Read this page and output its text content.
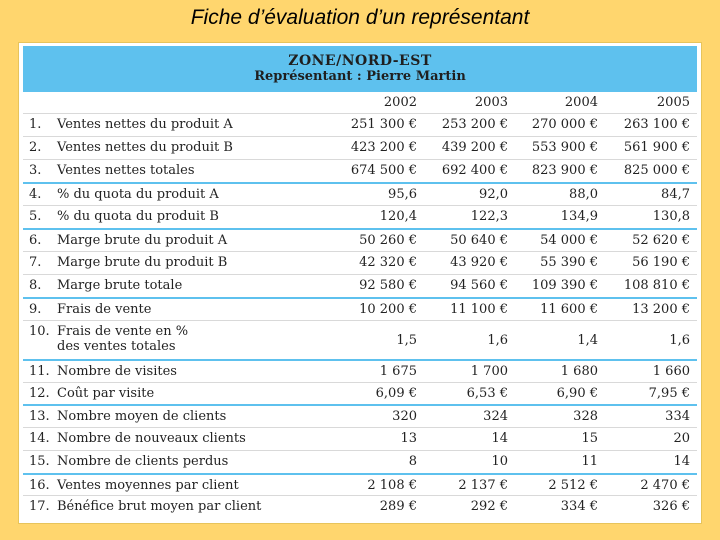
Fiche d’évaluation d’un représentant
ZONE/NORD-EST
Représentant : Pierre Martin
2002	2003	2004	2005
1. Ventes nettes du produit A	251 300 €	253 200 €	270 000 €	263 100 €
2. Ventes nettes du produit B	423 200 €	439 200 €	553 900 €	561 900 €
3. Ventes nettes totales	674 500 €	692 400 €	823 900 €	825 000 €
4. % du quota du produit A	95,6	92,0	88,0	84,7
5. % du quota du produit B	120,4	122,3	134,9	130,8
6. Marge brute du produit A	50 260 €	50 640 €	54 000 €	52 620 €
7. Marge brute du produit B	42 320 €	43 920 €	55 390 €	56 190 €
8. Marge brute totale	92 580 €	94 560 €	109 390 €	108 810 €
9. Frais de vente	10 200 €	11 100 €	11 600 €	13 200 €
10. Frais de vente en %
des ventes totales	1,5	1,6	1,4	1,6
11. Nombre de visites	1 675	1 700	1 680	1 660
12. Coût par visite	6,09 €	6,53 €	6,90 €	7,95 €
13. Nombre moyen de clients	320	324	328	334
14. Nombre de nouveaux clients	13	14	15	20
15. Nombre de clients perdus	8	10	11	14
16. Ventes moyennes par client	2 108 €	2 137 €	2 512 €	2 470 €
17. Bénéfice brut moyen par client	289 €	292 €	334 €	326 €
